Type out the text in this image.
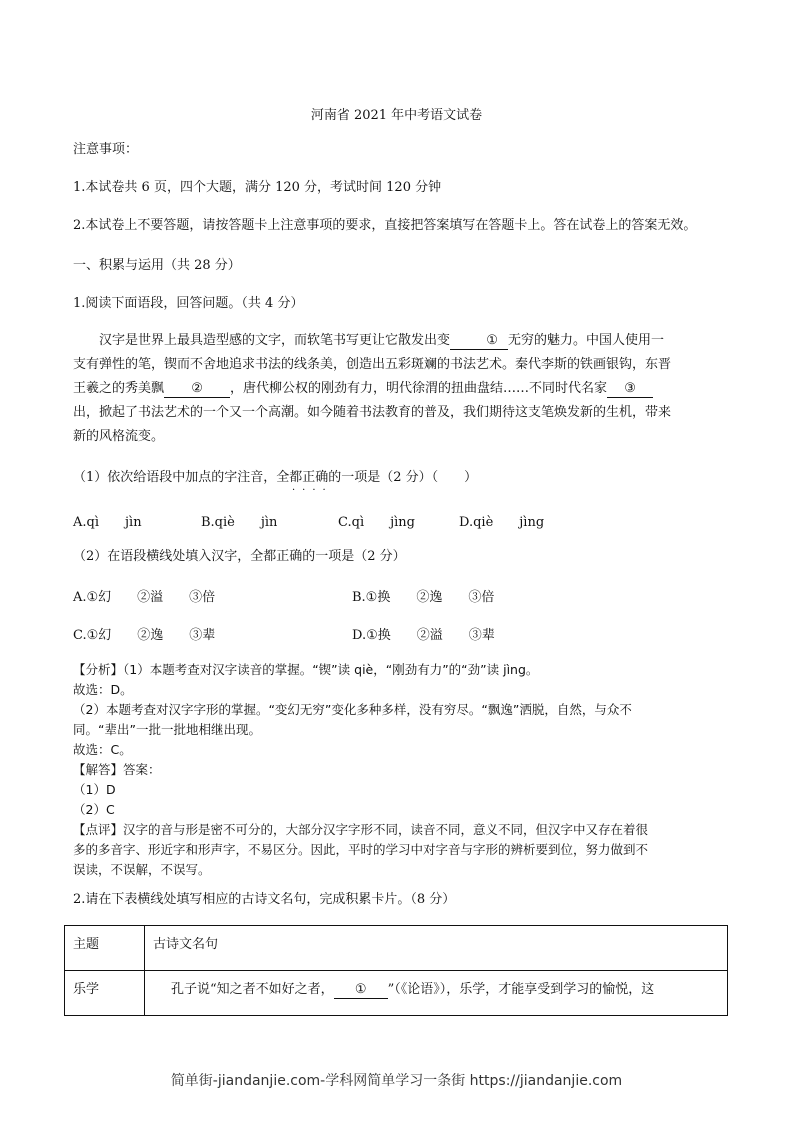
河南省 2021 年中考语文试卷
注意事项：
1.本试卷共 6 页，四个大题，满分 120 分，考试时间 120 分钟
2.本试卷上不要答题，请按答题卡上注意事项的要求，直接把答案填写在答题卡上。答在试卷上的答案无效。
一、积累与运用（共 28 分）
1.阅读下面语段，回答问题。（共 4 分）

汉字是世界上最具造型感的文字，而软笔书写更让它散发出变	① 无穷的魅力。中国人使用一

支有弹性的笔，锲而不舍地追求书法的线条美，创造出五彩斑斓的书法艺术。秦代李斯的铁画银钩，东晋

王羲之的秀美飘 ② ，唐代柳公权的刚劲有力，明代徐渭的扭曲盘结……不同时代名家 ③

出，掀起了书法艺术的一个又一个高潮。如今随着书法教育的普及，我们期待这支笔焕发新的生机，带来

新的风格流变。

（1）依次给语段中加点的字注音，全都正确的一项是（2 分）（　　）
····
A.qì　　jìn	B.qiè　　jìn	C.qì　　jìng	D.qiè　　jìng
（2）在语段横线处填入汉字，全都正确的一项是（2 分）
A.①幻　　②溢　　③倍	B.①换　　②逸　　③倍
C.①幻　　②逸　　③辈	D.①换　　②溢　　③辈
【分析】（1）本题考查对汉字读音的掌握。“锲”读 qiè，“刚劲有力”的“劲”读 jìng。
故选：D。
（2）本题考查对汉字字形的掌握。“变幻无穷”变化多种多样，没有穷尽。“飘逸”洒脱，自然，与众不
同。“辈出”一批一批地相继出现。
故选：C。
【解答】答案：
（1）D
（2）C
【点评】汉字的音与形是密不可分的，大部分汉字字形不同，读音不同，意义不同，但汉字中又存在着很
多的多音字、形近字和形声字，不易区分。因此，平时的学习中对字音与字形的辨析要到位，努力做到不
误读，不误解，不误写。
2.请在下表横线处填写相应的古诗文名句，完成积累卡片。（8 分）
主题	古诗文名句
乐学	孔子说“知之者不如好之者， ① ”（《论语》），乐学，才能享受到学习的愉悦，这
简单街-jiandanjie.com-学科网简单学习一条街 https://jiandanjie.com
